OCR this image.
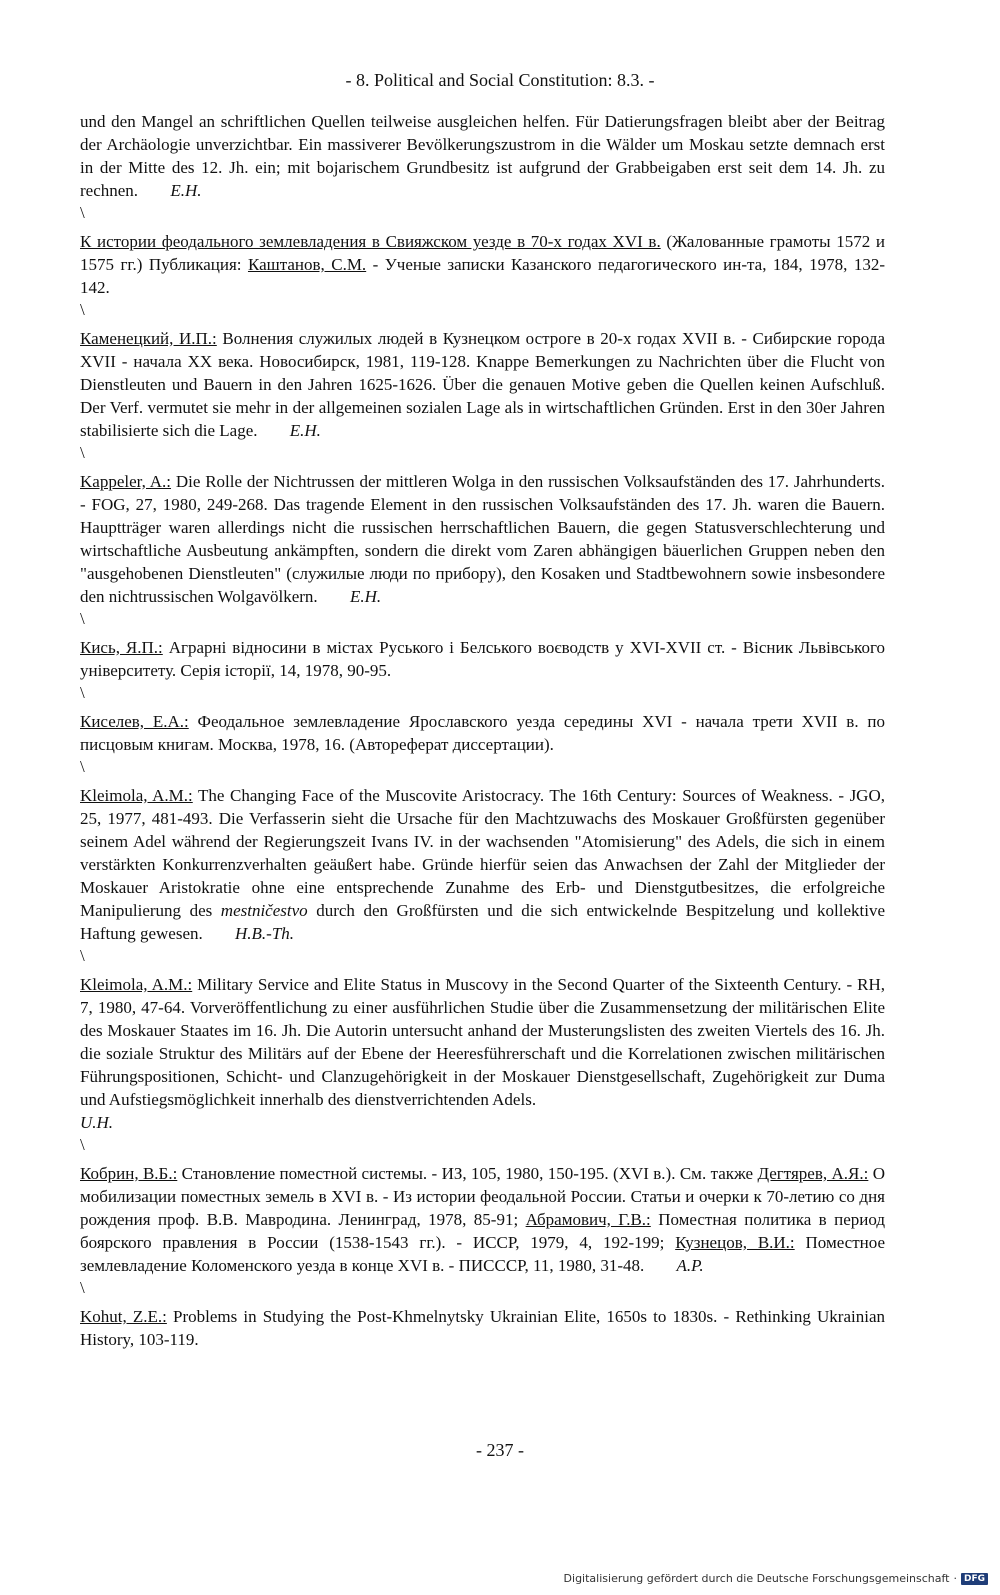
- 8. Political and Social Constitution: 8.3. -

und den Mangel an schriftlichen Quellen teilweise ausgleichen helfen. Für Datierungsfragen bleibt aber der Beitrag der Archäologie unverzichtbar. Ein massiverer Bevölkerungszustrom in die Wälder um Moskau setzte demnach erst in der Mitte des 12. Jh. ein; mit bojarischem Grundbesitz ist aufgrund der Grabbeigaben erst seit dem 14. Jh. zu rechnen. E.H.

\

К истории феодального землевладения в Свияжском уезде в 70-х годах XVI в. (Жалованные грамоты 1572 и 1575 гг.) Публикация: Каштанов, С.М. - Ученые записки Казанского педагогического ин-та, 184, 1978, 132-142.

\

Каменецкий, И.П.: Волнения служилых людей в Кузнецком остроге в 20-х годах XVII в. - Сибирские города XVII - начала XX века. Новосибирск, 1981, 119-128. Knappe Bemerkungen zu Nachrichten über die Flucht von Dienstleuten und Bauern in den Jahren 1625-1626. Über die genauen Motive geben die Quellen keinen Aufschluß. Der Verf. vermutet sie mehr in der allgemeinen sozialen Lage als in wirtschaftlichen Gründen. Erst in den 30er Jahren stabilisierte sich die Lage. E.H.

\

Kappeler, A.: Die Rolle der Nichtrussen der mittleren Wolga in den russischen Volksaufständen des 17. Jahrhunderts. - FOG, 27, 1980, 249-268. Das tragende Element in den russischen Volksaufständen des 17. Jh. waren die Bauern. Hauptträger waren allerdings nicht die russischen herrschaftlichen Bauern, die gegen Statusverschlechterung und wirtschaftliche Ausbeutung ankämpften, sondern die direkt vom Zaren abhängigen bäuerlichen Gruppen neben den "ausgehobenen Dienstleuten" (служилые люди по прибору), den Kosaken und Stadtbewohnern sowie insbesondere den nichtrussischen Wolgavölkern. E.H.

\

Кись, Я.П.: Аграрні відносини в містах Руського і Белського воєводств у XVI-XVII ст. - Вісник Львівського університету. Серія історії, 14, 1978, 90-95.

\

Киселев, Е.А.: Феодальное землевладение Ярославского уезда середины XVI - начала трети XVII в. по писцовым книгам. Москва, 1978, 16. (Автореферат диссертации).

\

Kleimola, A.M.: The Changing Face of the Muscovite Aristocracy. The 16th Century: Sources of Weakness. - JGO, 25, 1977, 481-493. Die Verfasserin sieht die Ursache für den Machtzuwachs des Moskauer Großfürsten gegenüber seinem Adel während der Regierungszeit Ivans IV. in der wachsenden "Atomisierung" des Adels, die sich in einem verstärkten Konkurrenzverhalten geäußert habe. Gründe hierfür seien das Anwachsen der Zahl der Mitglieder der Moskauer Aristokratie ohne eine entsprechende Zunahme des Erb- und Dienstgutbesitzes, die erfolgreiche Manipulierung des mestničestvo durch den Großfürsten und die sich entwickelnde Bespitzelung und kollektive Haftung gewesen. H.B.-Th.

\

Kleimola, A.M.: Military Service and Elite Status in Muscovy in the Second Quarter of the Sixteenth Century. - RH, 7, 1980, 47-64. Vorveröffentlichung zu einer ausführlichen Studie über die Zusammensetzung der militärischen Elite des Moskauer Staates im 16. Jh. Die Autorin untersucht anhand der Musterungslisten des zweiten Viertels des 16. Jh. die soziale Struktur des Militärs auf der Ebene der Heeresführerschaft und die Korrelationen zwischen militärischen Führungspositionen, Schicht- und Clanzugehörigkeit in der Moskauer Dienstgesellschaft, Zugehörigkeit zur Duma und Aufstiegsmöglichkeit innerhalb des dienstverrichtenden Adels.
U.H.

\

Кобрин, В.Б.: Становление поместной системы. - ИЗ, 105, 1980, 150-195. (XVI в.). См. также Дегтярев, А.Я.: О мобилизации поместных земель в XVI в. - Из истории феодальной России. Статьи и очерки к 70-летию со дня рождения проф. В.В. Мавродина. Ленинград, 1978, 85-91; Абрамович, Г.В.: Поместная политика в период боярского правления в России (1538-1543 гг.). - ИССР, 1979, 4, 192-199; Кузнецов, В.И.: Поместное землевладение Коломенского уезда в конце XVI в. - ПИСССР, 11, 1980, 31-48. A.P.

\

Kohut, Z.E.: Problems in Studying the Post-Khmelnytsky Ukrainian Elite, 1650s to 1830s. - Rethinking Ukrainian History, 103-119.

- 237 -
Digitalisierung gefördert durch die Deutsche Forschungsgemeinschaft · DFG
